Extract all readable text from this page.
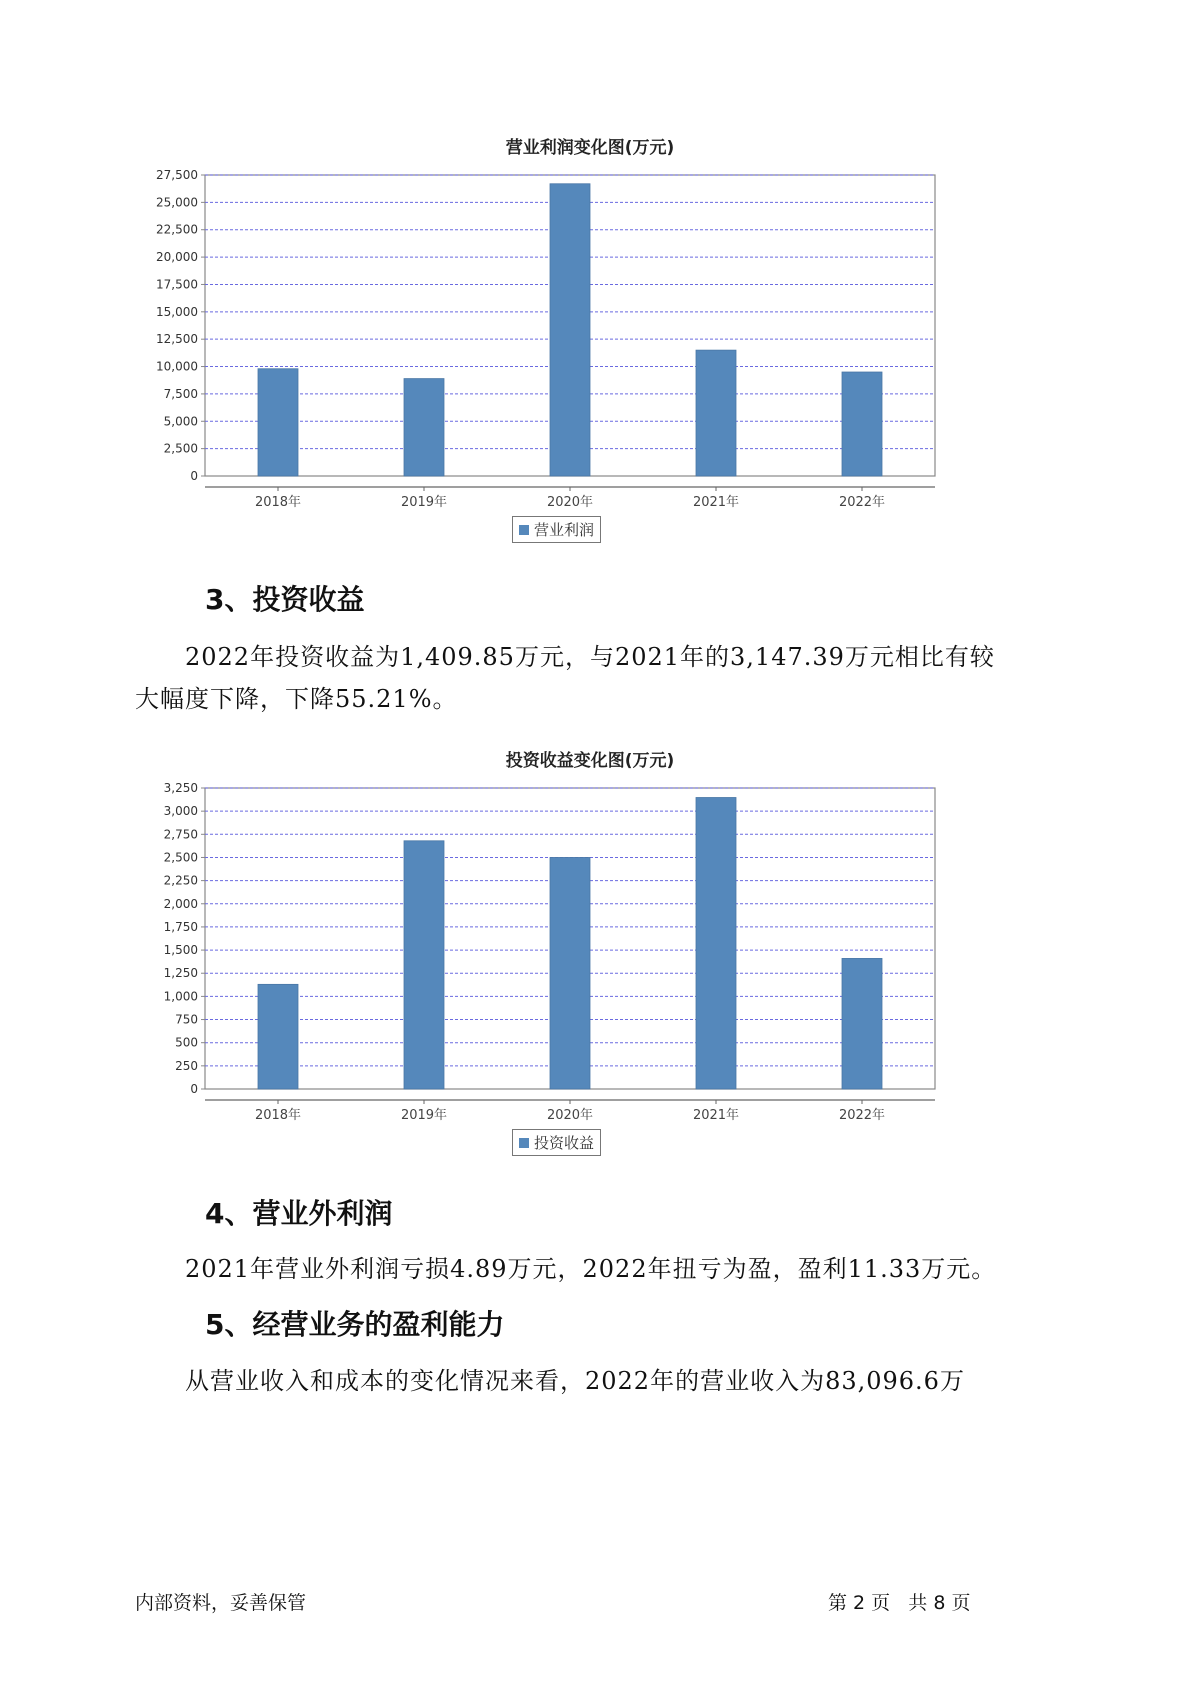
营业利润变化图(万元)
0
2,500
5,000
7,500
10,000
12,500
15,000
17,500
20,000
22,500
25,000
27,500
2018年	2019年	2020年	2021年	2022年
营业利润
3、投资收益
2022年投资收益为1,409.85万元，与2021年的3,147.39万元相比有较
大幅度下降，下降55.21%。
投资收益变化图(万元)
0
250
500
750
1,000
1,250
1,500
1,750
2,000
2,250
2,500
2,750
3,000
3,250
2018年	2019年	2020年	2021年	2022年
投资收益
4、营业外利润
2021年营业外利润亏损4.89万元，2022年扭亏为盈，盈利11.33万元。
5、经营业务的盈利能力
从营业收入和成本的变化情况来看，2022年的营业收入为83,096.6万
内部资料，妥善保管	第 2 页   共 8 页
